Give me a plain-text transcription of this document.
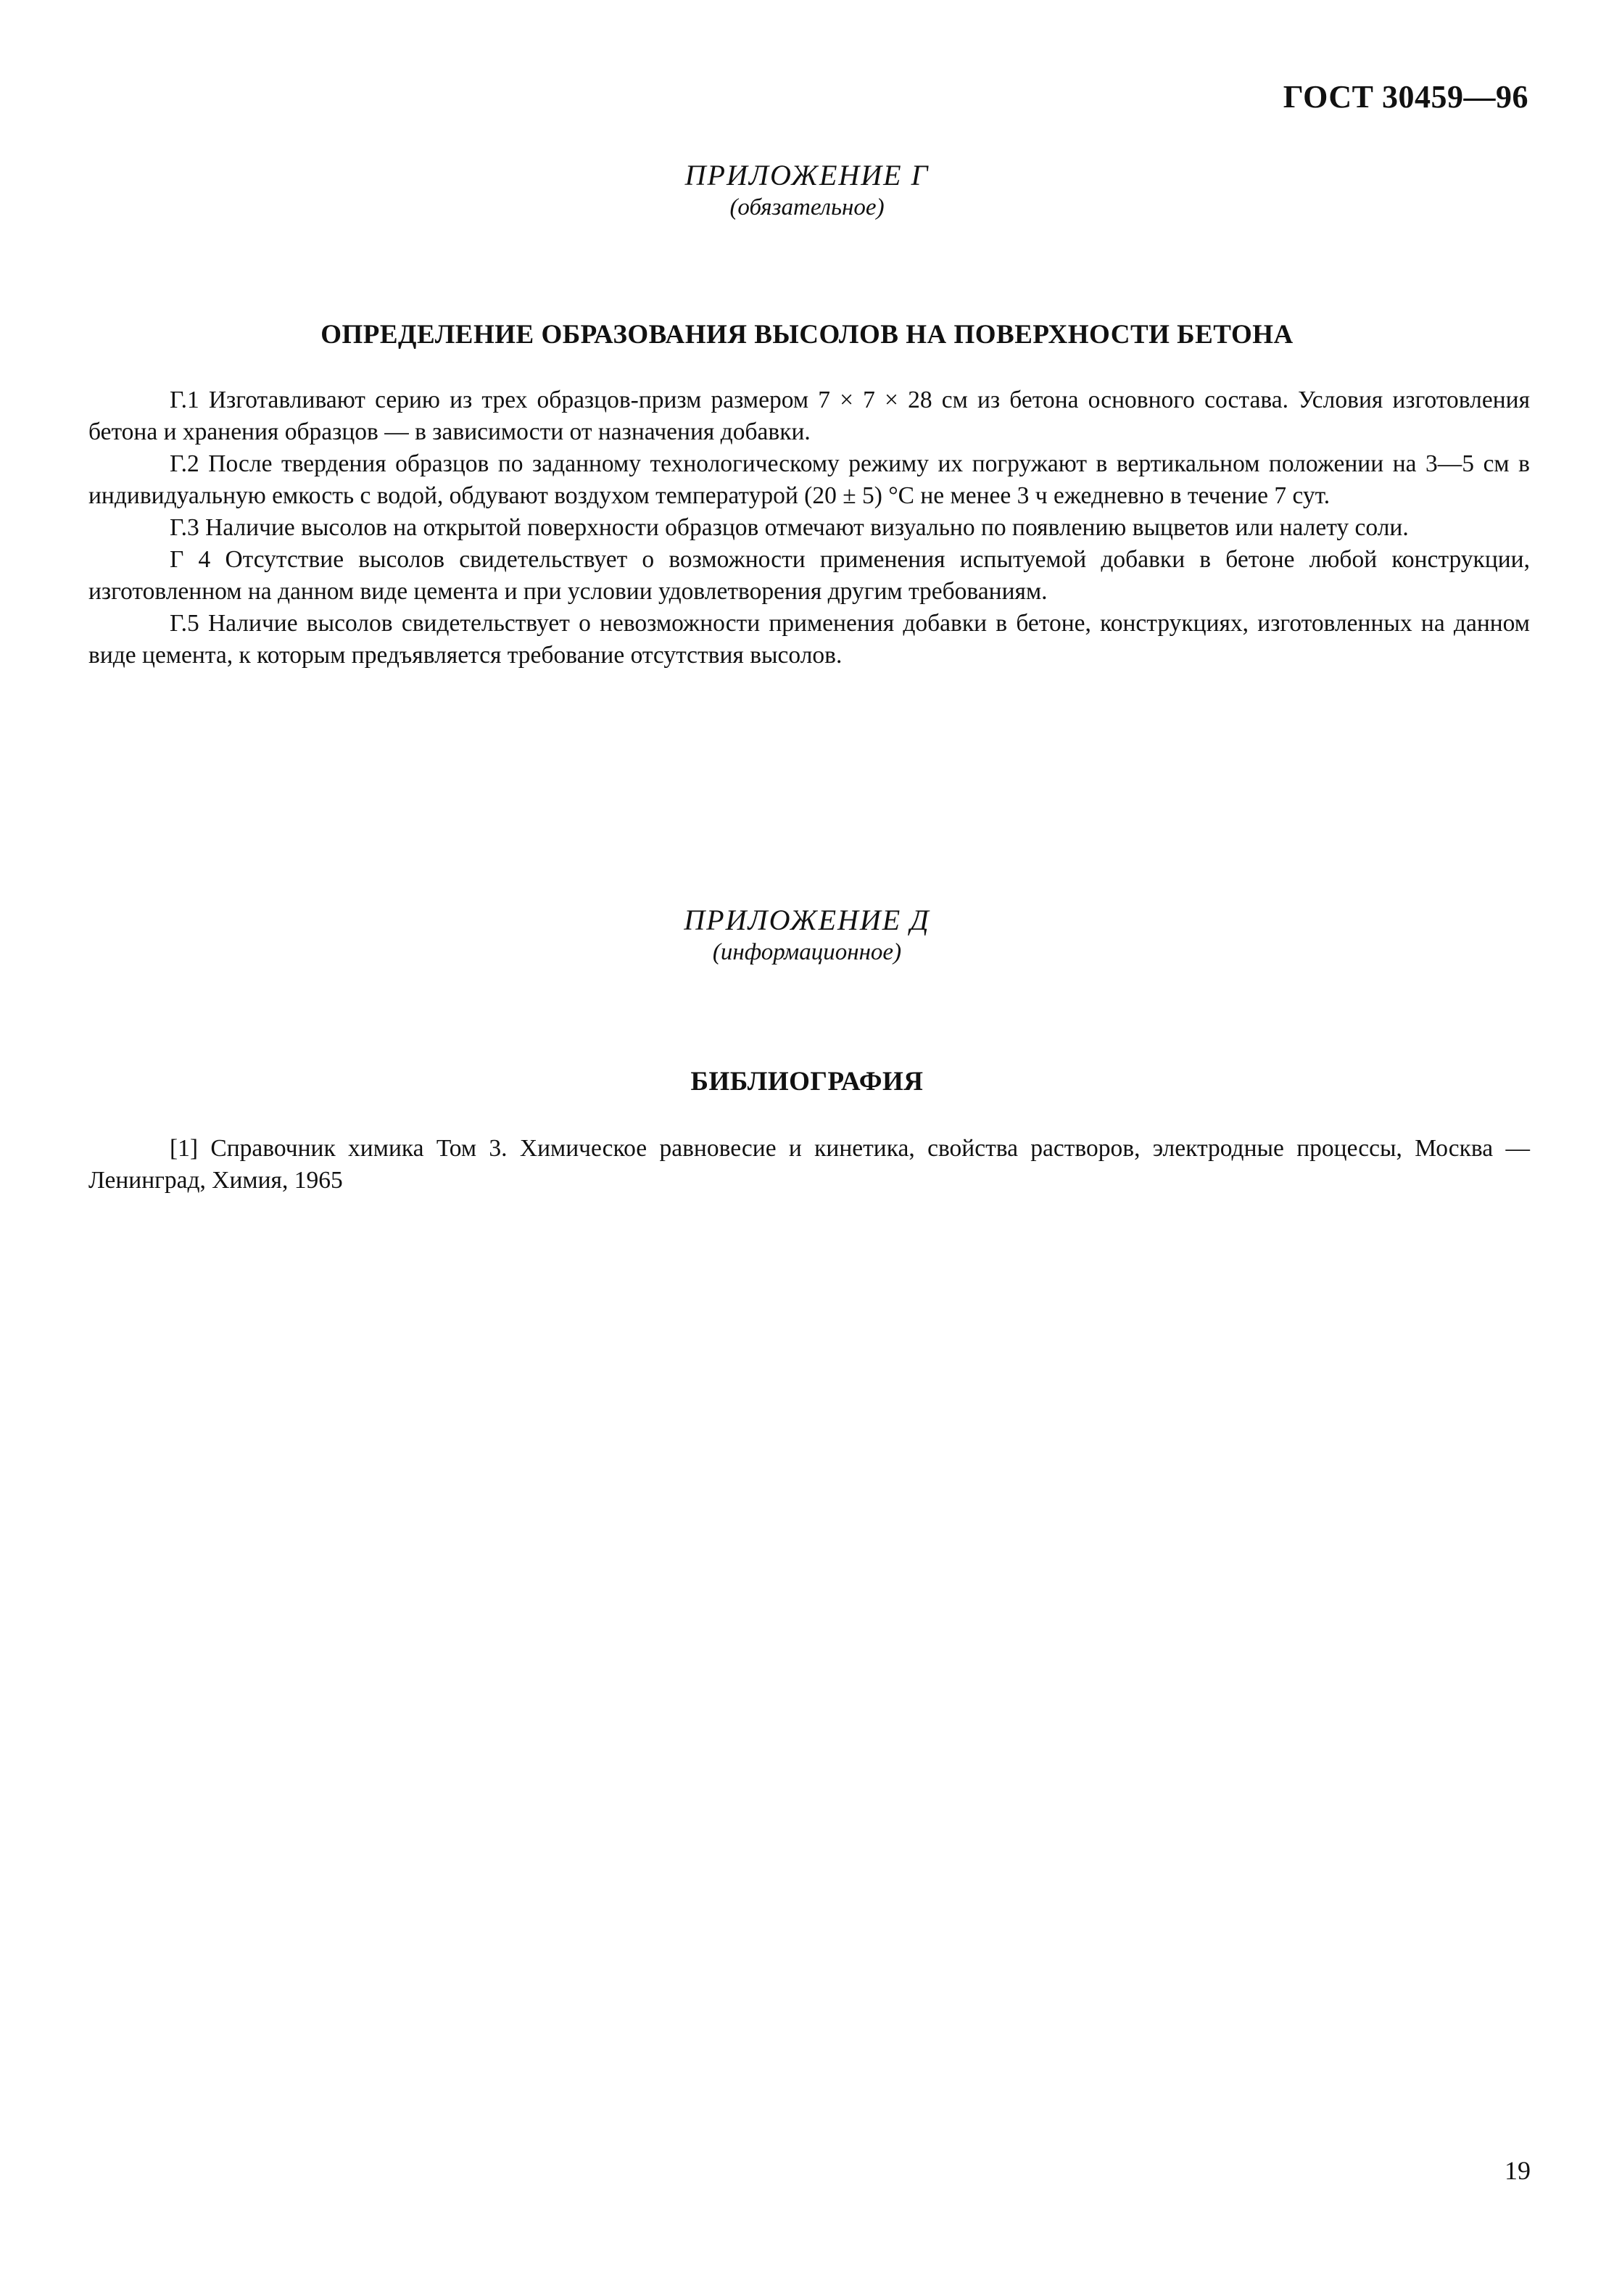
ГОСТ 30459—96
ПРИЛОЖЕНИЕ Г
(обязательное)
ОПРЕДЕЛЕНИЕ ОБРАЗОВАНИЯ ВЫСОЛОВ НА ПОВЕРХНОСТИ БЕТОНА

Г.1 Изготавливают серию из трех образцов-призм размером 7 × 7 × 28 см из бетона основного состава. Условия изготовления бетона и хранения образцов — в зависимости от назначения добавки.

Г.2 После твердения образцов по заданному технологическому режиму их погружают в вертикальном положении на 3—5 см в индивидуальную емкость с водой, обдувают воздухом температурой (20 ± 5) °С не менее 3 ч ежедневно в течение 7 сут.

Г.3 Наличие высолов на открытой поверхности образцов отмечают визуально по появлению выцветов или налету соли.

Г 4 Отсутствие высолов свидетельствует о возможности применения испытуемой добавки в бетоне любой конструкции, изготовленном на данном виде цемента и при условии удовлетворения другим требованиям.

Г.5 Наличие высолов свидетельствует о невозможности применения добавки в бетоне, конструкциях, изготовленных на данном виде цемента, к которым предъявляется требование отсутствия высолов.

ПРИЛОЖЕНИЕ Д
(информационное)
БИБЛИОГРАФИЯ

[1] Справочник химика Том 3. Химическое равновесие и кинетика, свойства растворов, электродные процессы, Москва — Ленинград, Химия, 1965

19
